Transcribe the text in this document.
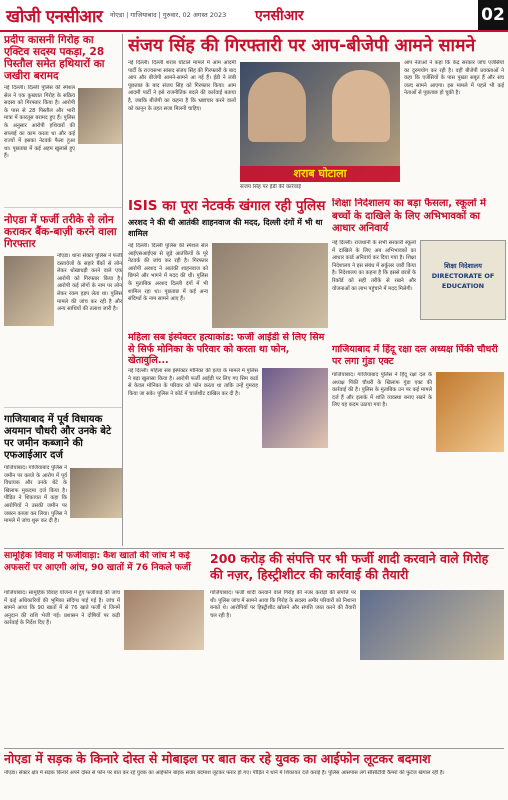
खोजी एनसीआर नोएडा | गाजियाबाद | गुरुवार, 02 अगस्त 2023 एनसीआर	02
प्रदीप कासनी गिरोह का एक्टिव सदस्य पकड़ा, 28 पिस्तौल समेत हथियारों का जखीरा बरामद
नई दिल्ली। दिल्ली पुलिस की स्पेशल सेल ने एक कुख्यात गिरोह के सक्रिय सदस्य को गिरफ्तार किया है। आरोपी के पास से 28 पिस्तौल और भारी मात्रा में कारतूस बरामद हुए हैं। पुलिस के अनुसार आरोपी हथियारों की सप्लाई का काम करता था और कई राज्यों में इसका नेटवर्क फैला हुआ था। पूछताछ में कई अहम खुलासे हुए हैं।
नोएडा में फर्जी तरीके से लोन कराकर बैंक-बाज़ी करने वाला गिरफ्तार
नोएडा। थाना सेक्टर पुलिस ने फर्जी दस्तावेजों के सहारे बैंकों से लोन लेकर धोखाधड़ी करने वाले एक आरोपी को गिरफ्तार किया है। आरोपी कई लोगों के नाम पर लोन लेकर रकम हड़प लेता था। पुलिस मामले की जांच कर रही है और अन्य साथियों की तलाश जारी है।
गाजियाबाद में पूर्व विधायक अयमान चौधरी और उनके बेटे पर जमीन कब्जाने की एफआईआर दर्ज
गाजियाबाद। गाजियाबाद पुलिस ने जमीन पर कब्जे के आरोप में पूर्व विधायक और उनके बेटे के खिलाफ मुकदमा दर्ज किया है। पीड़ित ने शिकायत में कहा कि आरोपियों ने उसकी जमीन पर जबरन कब्जा कर लिया। पुलिस ने मामले में जांच शुरू कर दी है।
संजय सिंह की गिरफ्तारी पर आप-बीजेपी आमने सामने
नई दिल्ली। दिल्ली शराब घोटाले मामले में आम आदमी पार्टी के राज्यसभा सांसद संजय सिंह की गिरफ्तारी के बाद आप और बीजेपी आमने-सामने आ गई हैं। ईडी ने लंबी पूछताछ के बाद संजय सिंह को गिरफ्तार किया। आम आदमी पार्टी ने इसे राजनीतिक बदले की कार्रवाई बताया है, जबकि बीजेपी का कहना है कि भ्रष्टाचार करने वालों को कानून के तहत सजा मिलनी चाहिए।
शराब घोटाला
संजय सिंह पर ईडी की कार्रवाई
आप नेताओं ने कहा कि केंद्र सरकार जांच एजेंसियों का दुरुपयोग कर रही है। वहीं बीजेपी प्रवक्ताओं ने कहा कि एजेंसियों के पास पुख्ता सबूत हैं और सच जल्द सामने आएगा। इस मामले में पहले भी कई नेताओं से पूछताछ हो चुकी है।
ISIS का पूरा नेटवर्क खंगाल रही पुलिस
अरशद ने की थी आतंकी शाहनवाज की मदद, दिल्ली दंगों में भी था शामिल
नई दिल्ली। दिल्ली पुलिस की स्पेशल सेल आईएसआईएस से जुड़े आतंकियों के पूरे नेटवर्क की जांच कर रही है। गिरफ्तार आरोपी अरशद ने आतंकी शाहनवाज को छिपने और भागने में मदद की थी। पुलिस के मुताबिक अरशद दिल्ली दंगों में भी शामिल रहा था। पूछताछ में कई अन्य संदिग्धों के नाम सामने आए हैं।
महिला सब इंस्पेक्टर हत्याकांड: फर्जी आईडी से लिए सिम से सिर्फ मोनिका के परिवार को करता था फोन, खेतावुलि...
नई दिल्ली। महिला सब इंस्पेक्टर मोनिका की हत्या के मामले में पुलिस ने बड़ा खुलासा किया है। आरोपी फर्जी आईडी पर लिए गए सिम कार्ड से केवल मोनिका के परिवार को फोन करता था ताकि उन्हें गुमराह किया जा सके। पुलिस ने कोर्ट में चार्जशीट दाखिल कर दी है।
शिक्षा निदेशालय का बड़ा फैसला, स्कूलों में बच्चों के दाखिले के लिए अभिभावकों का आधार अनिवार्य
नई दिल्ली। राजधानी के सभी सरकारी स्कूलों में दाखिले के लिए अब अभिभावकों का आधार कार्ड अनिवार्य कर दिया गया है। शिक्षा निदेशालय ने इस संबंध में सर्कुलर जारी किया है। निदेशालय का कहना है कि इससे छात्रों के रिकॉर्ड को सही तरीके से रखने और योजनाओं का लाभ पहुंचाने में मदद मिलेगी।
शिक्षा निदेशालय
DIRECTORATE OF EDUCATION
गाजियाबाद में हिंदू रक्षा दल अध्यक्ष पिंकी चौधरी पर लगा गुंडा एक्ट
गाजियाबाद। गाजियाबाद पुलिस ने हिंदू रक्षा दल के अध्यक्ष पिंकी चौधरी के खिलाफ गुंडा एक्ट की कार्रवाई की है। पुलिस के मुताबिक उन पर कई मामले दर्ज हैं और इलाके में शांति व्यवस्था बनाए रखने के लिए यह कदम उठाया गया है।
सामूहिक विवाह में फर्जीवाड़ा: कैश खातों की जांच में कई अफसरों पर आएगी आंच, 90 खातों में 76 निकले फर्जी
गाजियाबाद। सामूहिक विवाह योजना में हुए फर्जीवाड़े की जांच में कई अधिकारियों की भूमिका संदिग्ध पाई गई है। जांच में सामने आया कि 90 खातों में से 76 खाते फर्जी थे जिनमें अनुदान की राशि भेजी गई। प्रशासन ने दोषियों पर कड़ी कार्रवाई के निर्देश दिए हैं।
200 करोड़ की संपत्ति पर भी फर्जी शादी करवाने वाले गिरोह की नज़र, हिस्ट्रीशीटर की कार्रवाई की तैयारी
गाजियाबाद। फर्जी शादी करवाने वाले गिरोह की नजर करोड़ों की संपत्ति पर थी। पुलिस जांच में सामने आया कि गिरोह के सदस्य अमीर परिवारों को निशाना बनाते थे। आरोपियों पर हिस्ट्रीशीट खोलने और संपत्ति जब्त करने की तैयारी चल रही है।
नोएडा में सड़क के किनारे दोस्त से मोबाइल पर बात कर रहे युवक का आईफोन लूटकर बदमाश
नोएडा। सेक्टर क्षेत्र में सड़क किनारे अपने दोस्त से फोन पर बात कर रहे युवक का आईफोन बाइक सवार बदमाश लूटकर फरार हो गए। पीड़ित ने थाने में शिकायत दर्ज कराई है। पुलिस आसपास लगे सीसीटीवी कैमरों की फुटेज खंगाल रही है।
